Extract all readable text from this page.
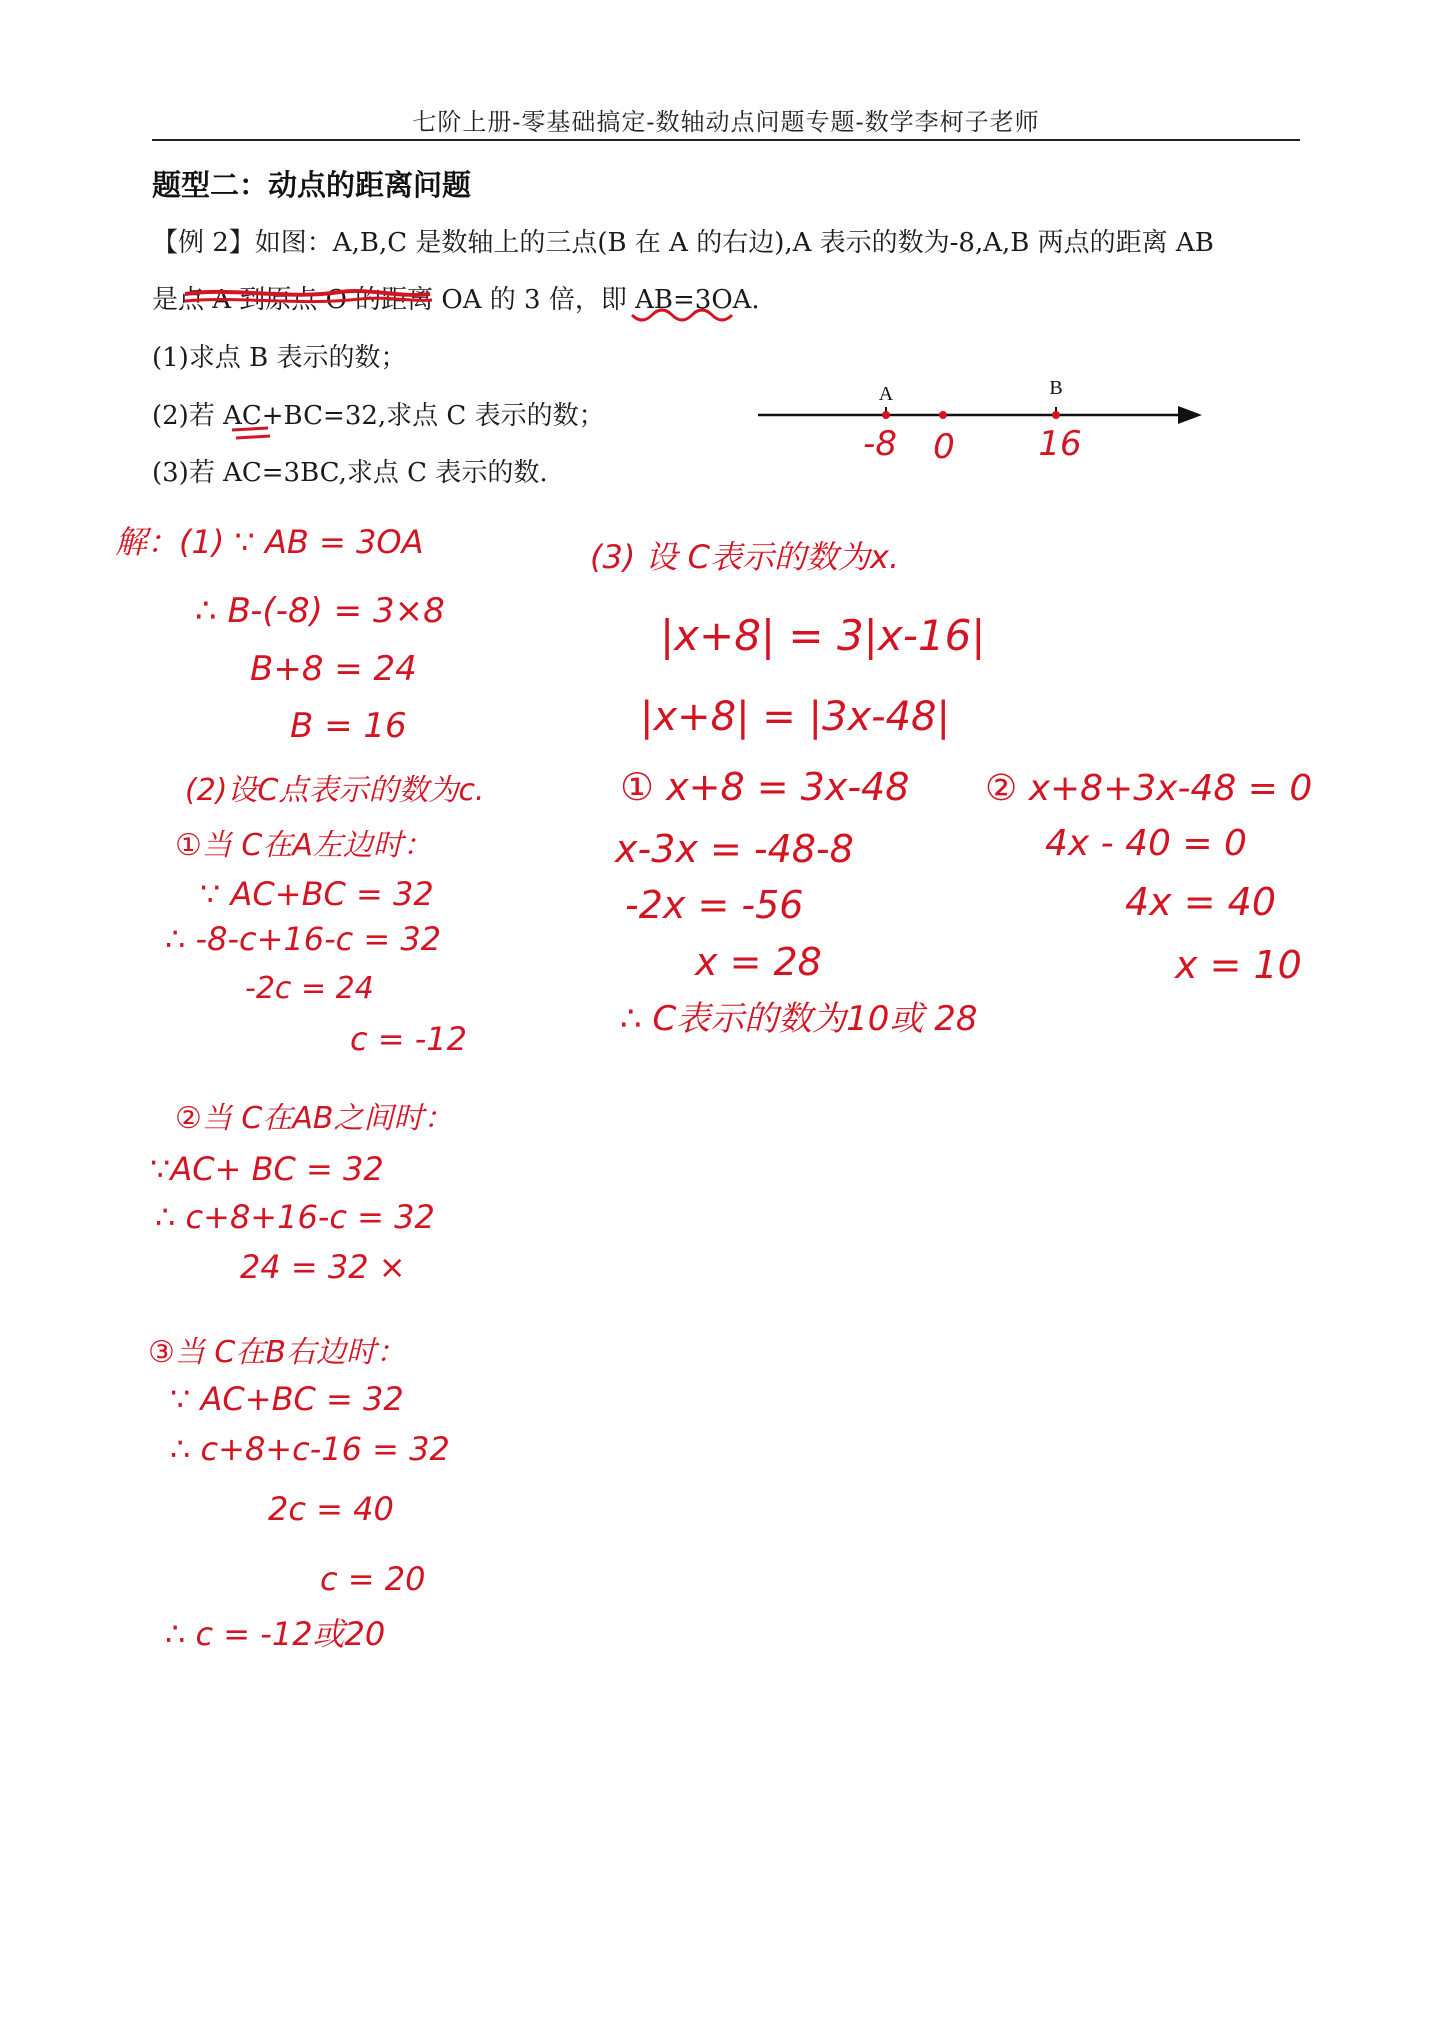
七阶上册-零基础搞定-数轴动点问题专题-数学李柯子老师
题型二：动点的距离问题
【例 2】如图：A,B,C 是数轴上的三点(B 在 A 的右边),A 表示的数为-8,A,B 两点的距离 AB
是点 A 到原点 O 的距离 OA 的 3 倍，即 AB=3OA.
(1)求点 B 表示的数；
(2)若 AC+BC=32,求点 C 表示的数；
(3)若 AC=3BC,求点 C 表示的数.
A	B
-8 0 16
解：(1) ∵ AB = 3OA
∴ B-(-8) = 3×8
B+8 = 24
B = 16
(2)设C点表示的数为c.
①当 C在A左边时：
∵ AC+BC = 32
∴ -8-c+16-c = 32
-2c = 24
c = -12
②当 C在AB之间时：
∵AC+ BC = 32
∴ c+8+16-c = 32
24 = 32 ×
③当 C在B右边时：
∵ AC+BC = 32
∴ c+8+c-16 = 32
2c = 40
c = 20
∴ c = -12或20
(3) 设 C表示的数为x.
|x+8| = 3|x-16|
|x+8| = |3x-48|
① x+8 = 3x-48
x-3x = -48-8
-2x = -56
x = 28
② x+8+3x-48 = 0
4x - 40 = 0
4x = 40
x = 10
∴ C表示的数为10或 28
